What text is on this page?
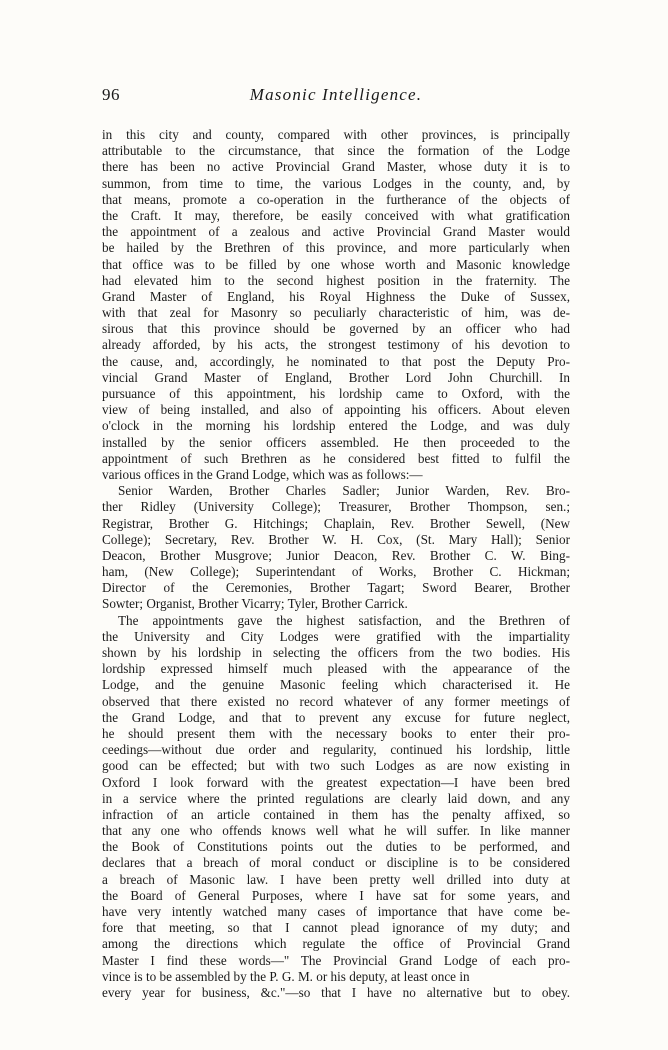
96	Masonic Intelligence.
in this city and county, compared with other provinces, is principally
attributable to the circumstance, that since the formation of the Lodge
there has been no active Provincial Grand Master, whose duty it is to
summon, from time to time, the various Lodges in the county, and, by
that means, promote a co-operation in the furtherance of the objects of
the Craft. It may, therefore, be easily conceived with what gratification
the appointment of a zealous and active Provincial Grand Master would
be hailed by the Brethren of this province, and more particularly when
that office was to be filled by one whose worth and Masonic knowledge
had elevated him to the second highest position in the fraternity. The
Grand Master of England, his Royal Highness the Duke of Sussex,
with that zeal for Masonry so peculiarly characteristic of him, was de-
sirous that this province should be governed by an officer who had
already afforded, by his acts, the strongest testimony of his devotion to
the cause, and, accordingly, he nominated to that post the Deputy Pro-
vincial Grand Master of England, Brother Lord John Churchill. In
pursuance of this appointment, his lordship came to Oxford, with the
view of being installed, and also of appointing his officers. About eleven
o'clock in the morning his lordship entered the Lodge, and was duly
installed by the senior officers assembled. He then proceeded to the
appointment of such Brethren as he considered best fitted to fulfil the
various offices in the Grand Lodge, which was as follows:—
Senior Warden, Brother Charles Sadler; Junior Warden, Rev. Bro-
ther Ridley (University College); Treasurer, Brother Thompson, sen.;
Registrar, Brother G. Hitchings; Chaplain, Rev. Brother Sewell, (New
College); Secretary, Rev. Brother W. H. Cox, (St. Mary Hall); Senior
Deacon, Brother Musgrove; Junior Deacon, Rev. Brother C. W. Bing-
ham, (New College); Superintendant of Works, Brother C. Hickman;
Director of the Ceremonies, Brother Tagart; Sword Bearer, Brother
Sowter; Organist, Brother Vicarry; Tyler, Brother Carrick.
The appointments gave the highest satisfaction, and the Brethren of
the University and City Lodges were gratified with the impartiality
shown by his lordship in selecting the officers from the two bodies. His
lordship expressed himself much pleased with the appearance of the
Lodge, and the genuine Masonic feeling which characterised it. He
observed that there existed no record whatever of any former meetings of
the Grand Lodge, and that to prevent any excuse for future neglect,
he should present them with the necessary books to enter their pro-
ceedings—without due order and regularity, continued his lordship, little
good can be effected; but with two such Lodges as are now existing in
Oxford I look forward with the greatest expectation—I have been bred
in a service where the printed regulations are clearly laid down, and any
infraction of an article contained in them has the penalty affixed, so
that any one who offends knows well what he will suffer. In like manner
the Book of Constitutions points out the duties to be performed, and
declares that a breach of moral conduct or discipline is to be considered
a breach of Masonic law. I have been pretty well drilled into duty at
the Board of General Purposes, where I have sat for some years, and
have very intently watched many cases of importance that have come be-
fore that meeting, so that I cannot plead ignorance of my duty; and
among the directions which regulate the office of Provincial Grand
Master I find these words—" The Provincial Grand Lodge of each pro-
vince is to be assembled by the P. G. M. or his deputy, at least once in
every year for business, &c."—so that I have no alternative but to obey.
